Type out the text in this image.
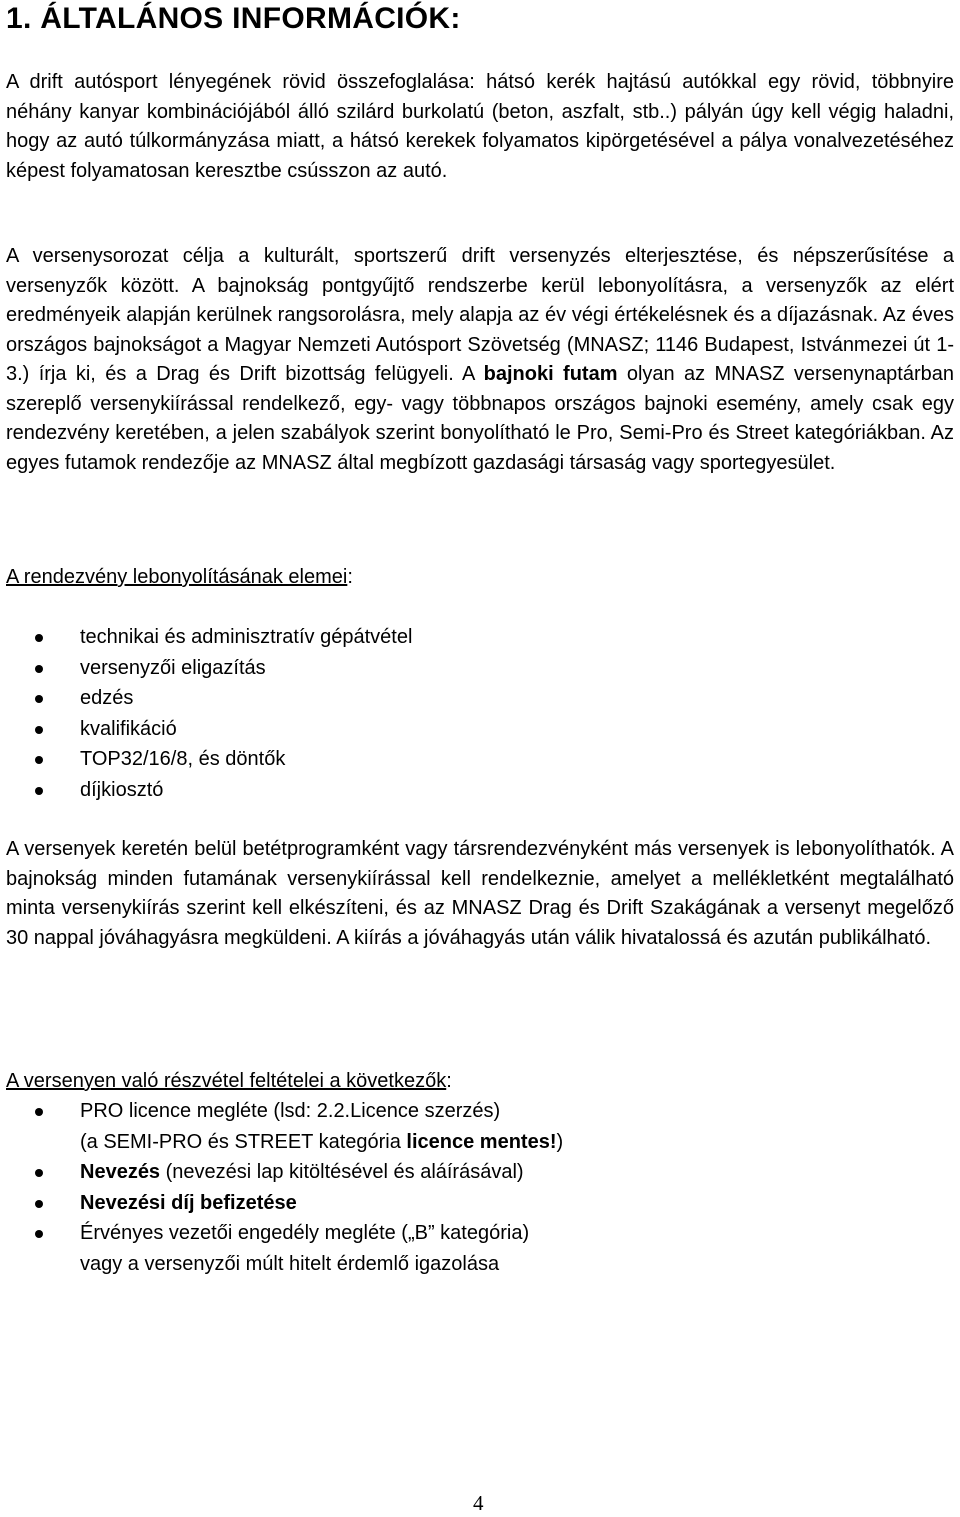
1. ÁLTALÁNOS INFORMÁCIÓK:
A drift autósport lényegének rövid összefoglalása: hátsó kerék hajtású autókkal egy rövid, többnyire néhány kanyar kombinációjából álló szilárd burkolatú (beton, aszfalt, stb..) pályán úgy kell végig haladni, hogy az autó túlkormányzása miatt, a hátsó kerekek folyamatos kipörgetésével a pálya vonalvezetéséhez képest folyamatosan keresztbe csússzon az autó.
A versenysorozat célja a kulturált, sportszerű drift versenyzés elterjesztése, és népszerűsítése a versenyzők között. A bajnokság pontgyűjtő rendszerbe kerül lebonyolításra, a versenyzők az elért eredményeik alapján kerülnek rangsorolásra, mely alapja az év végi értékelésnek és a díjazásnak. Az éves országos bajnokságot a Magyar Nemzeti Autósport Szövetség (MNASZ; 1146 Budapest, Istvánmezei út 1-3.) írja ki, és a Drag és Drift bizottság felügyeli. A bajnoki futam olyan az MNASZ versenynaptárban szereplő versenykiírással rendelkező, egy- vagy többnapos országos bajnoki esemény, amely csak egy rendezvény keretében, a jelen szabályok szerint bonyolítható le Pro, Semi-Pro és Street kategóriákban. Az egyes futamok rendezője az MNASZ által megbízott gazdasági társaság vagy sportegyesület.
A rendezvény lebonyolításának elemei:
technikai és adminisztratív gépátvétel
versenyzői eligazítás
edzés
kvalifikáció
TOP32/16/8, és döntők
díjkiosztó
A versenyek keretén belül betétprogramként vagy társrendezvényként más versenyek is lebonyolíthatók. A bajnokság minden futamának versenykiírással kell rendelkeznie, amelyet a mellékletként megtalálható minta versenykiírás szerint kell elkészíteni, és az MNASZ Drag és Drift Szakágának a versenyt megelőző 30 nappal jóváhagyásra megküldeni. A kiírás a jóváhagyás után válik hivatalossá és azután publikálható.
A versenyen való részvétel feltételei a következők:
PRO licence megléte (lsd: 2.2.Licence szerzés)
(a SEMI-PRO és STREET kategória licence mentes!)
Nevezés (nevezési lap kitöltésével és aláírásával)
Nevezési díj befizetése
Érvényes vezetői engedély megléte („B” kategória)
vagy a versenyzői múlt hitelt érdemlő igazolása
4
